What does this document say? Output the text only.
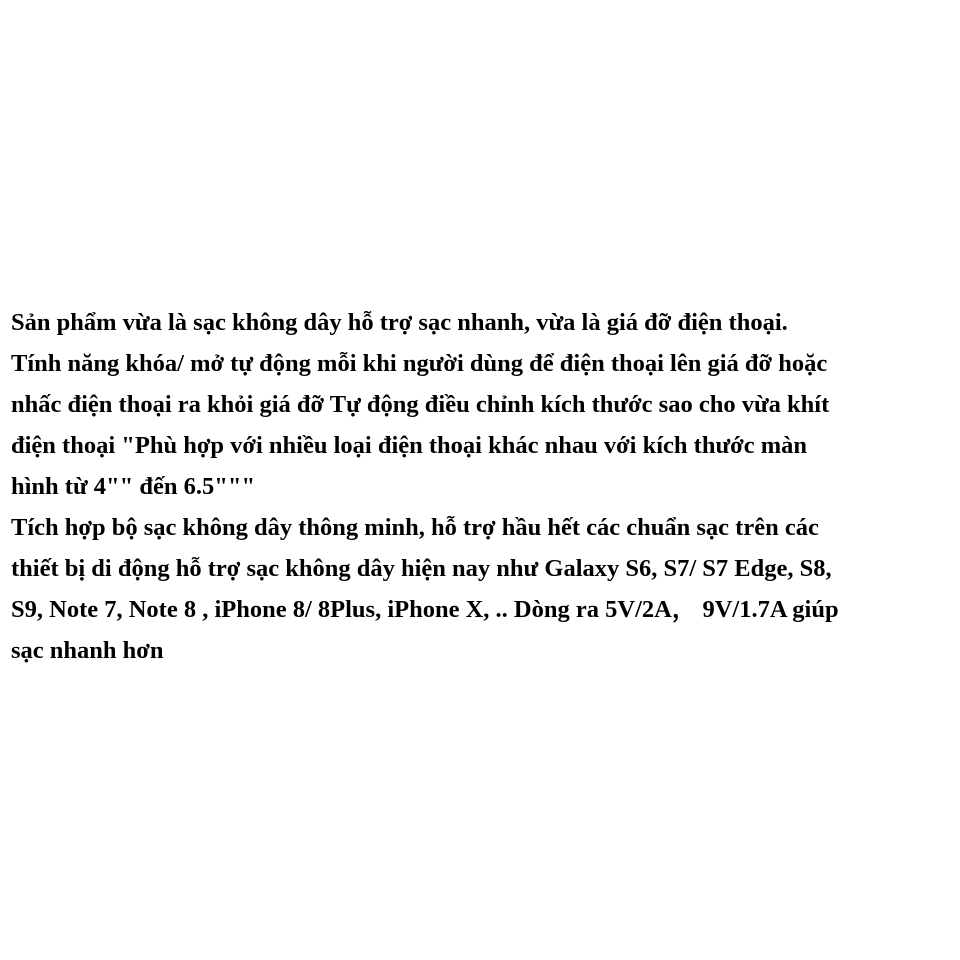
Sản phẩm vừa là sạc không dây hỗ trợ sạc nhanh, vừa là giá đỡ điện thoại.
Tính năng khóa/ mở tự động mỗi khi người dùng để điện thoại lên giá đỡ hoặc
nhấc điện thoại ra khỏi giá đỡ Tự động điều chỉnh kích thước sao cho vừa khít
điện thoại "Phù hợp với nhiều loại điện thoại khác nhau với kích thước màn
hình từ 4"" đến 6.5"""
Tích hợp bộ sạc không dây thông minh, hỗ trợ hầu hết các chuẩn sạc trên các
thiết bị di động hỗ trợ sạc không dây hiện nay như Galaxy S6, S7/ S7 Edge, S8,
S9, Note 7, Note 8 , iPhone 8/ 8Plus, iPhone X, .. Dòng ra 5V/2A， 9V/1.7A giúp
sạc nhanh hơn
